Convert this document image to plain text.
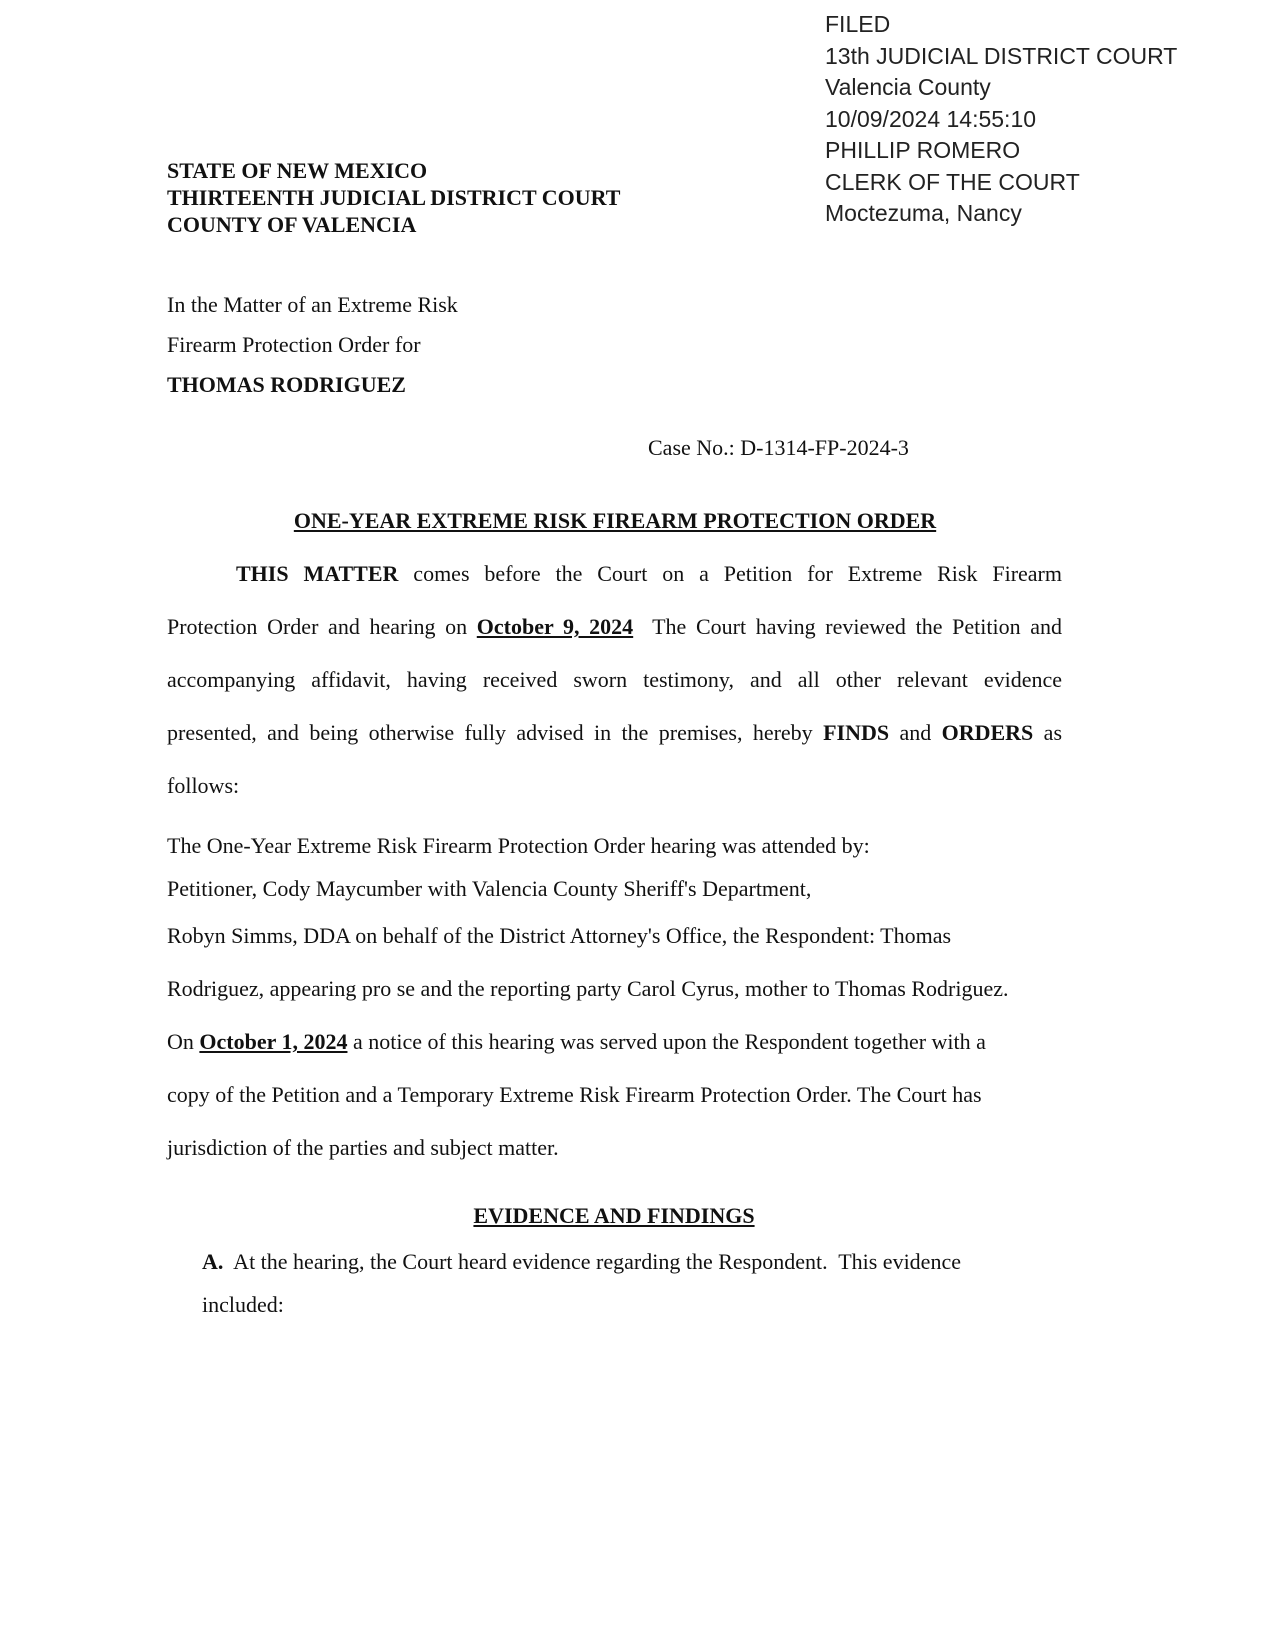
FILED
13th JUDICIAL DISTRICT COURT
Valencia County
10/09/2024 14:55:10
PHILLIP ROMERO
CLERK OF THE COURT
Moctezuma, Nancy
STATE OF NEW MEXICO
THIRTEENTH JUDICIAL DISTRICT COURT
COUNTY OF VALENCIA
In the Matter of an Extreme Risk
Firearm Protection Order for
THOMAS RODRIGUEZ
Case No.: D-1314-FP-2024-3
ONE-YEAR EXTREME RISK FIREARM PROTECTION ORDER
THIS MATTER comes before the Court on a Petition for Extreme Risk Firearm
Protection Order and hearing on October 9, 2024  The Court having reviewed the Petition and
accompanying affidavit, having received sworn testimony, and all other relevant evidence
presented, and being otherwise fully advised in the premises, hereby FINDS and ORDERS as
follows:
The One-Year Extreme Risk Firearm Protection Order hearing was attended by:
Petitioner, Cody Maycumber with Valencia County Sheriff's Department,
Robyn Simms, DDA on behalf of the District Attorney's Office, the Respondent: Thomas
Rodriguez, appearing pro se and the reporting party Carol Cyrus, mother to Thomas Rodriguez.
On October 1, 2024 a notice of this hearing was served upon the Respondent together with a
copy of the Petition and a Temporary Extreme Risk Firearm Protection Order. The Court has
jurisdiction of the parties and subject matter.
A.  At the hearing, the Court heard evidence regarding the Respondent.  This evidence
included:
EVIDENCE AND FINDINGS
